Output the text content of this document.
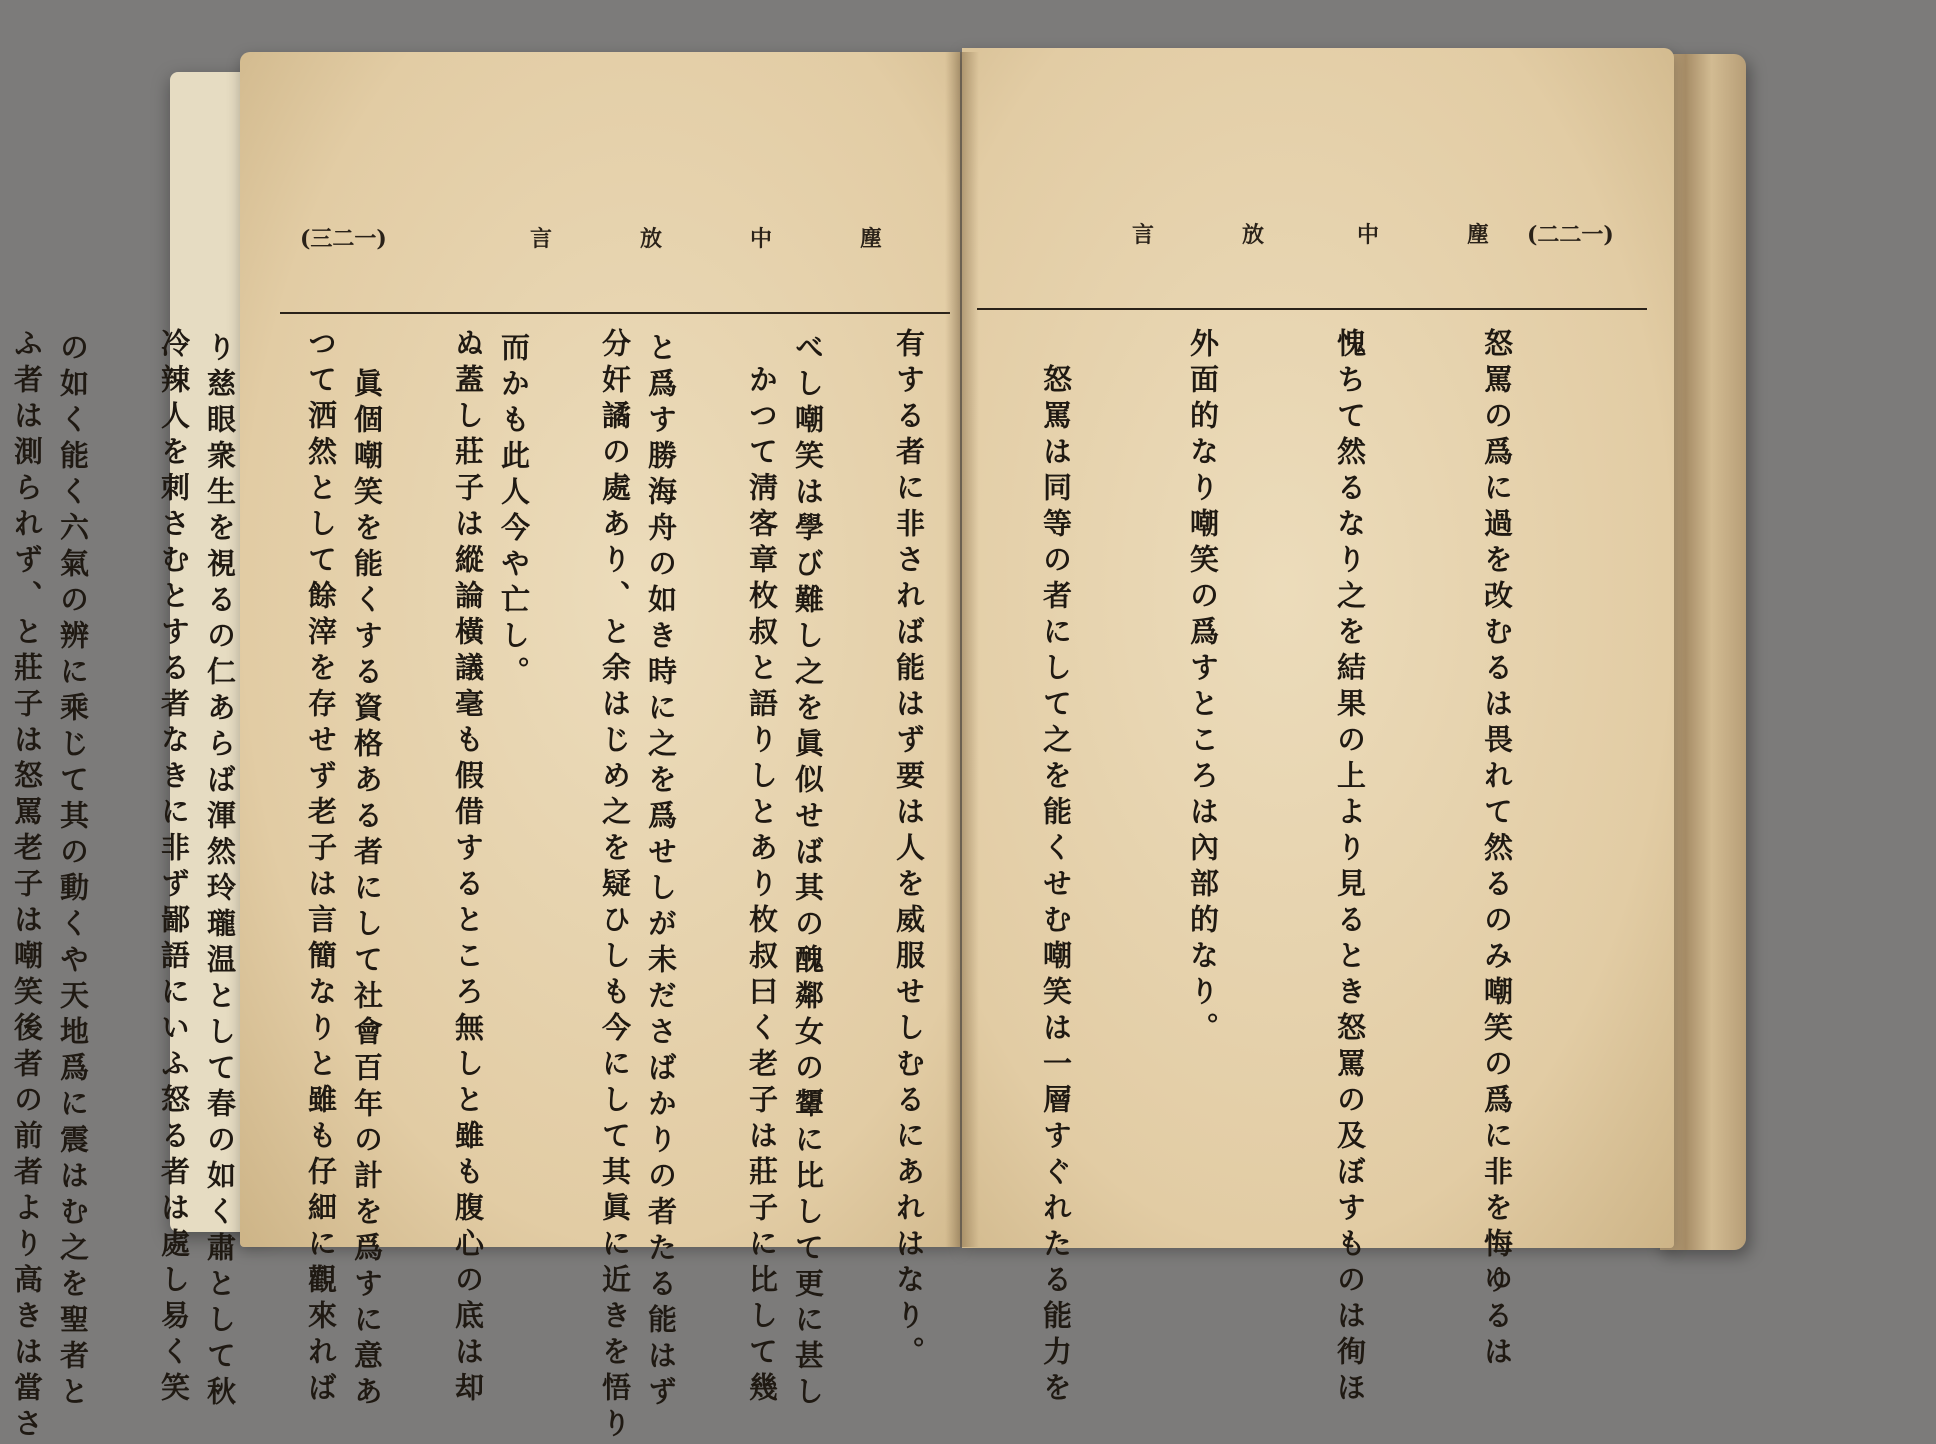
(三二一)	言	放	中	塵

べし嘲笑は學び難し之を眞似せば其の醜鄰女の顰に比して更に甚し

と爲す勝海舟の如き時に之を爲せしが未ださばかりの者たる能はず

而かも此人今や亡し。

　眞個嘲笑を能くする資格ある者にして社會百年の計を爲すに意あ

り慈眼衆生を視るの仁あらば渾然玲瓏温として春の如く肅として秋

の如く能く六氣の辨に乘じて其の動くや天地爲に震はむ之を聖者と

言	放	中	塵 (二二一)

怒罵の爲に過を改むるは畏れて然るのみ嘲笑の爲に非を悔ゆるは

愧ちて然るなり之を結果の上より見るとき怒罵の及ぼすものは徇ほ

外面的なり嘲笑の爲すところは內部的なり。

　怒罵は同等の者にして之を能くせむ嘲笑は一層すぐれたる能力を

有する者に非されば能はず要は人を威服せしむるにあれはなり。

　かつて淸客章枚叔と語りしとあり枚叔曰く老子は莊子に比して幾

分奸譎の處あり、と余はじめ之を疑ひしも今にして其眞に近きを悟り

ぬ蓋し莊子は縱論橫議毫も假借するところ無しと雖も腹心の底は却

つて洒然として餘滓を存せず老子は言簡なりと雖も仔細に觀來れば

冷辣人を刺さむとする者なきに非ず鄙語にいふ怒る者は處し易く笑

ふ者は測られず、と莊子は怒罵老子は嘲笑後者の前者より高きは當さ
